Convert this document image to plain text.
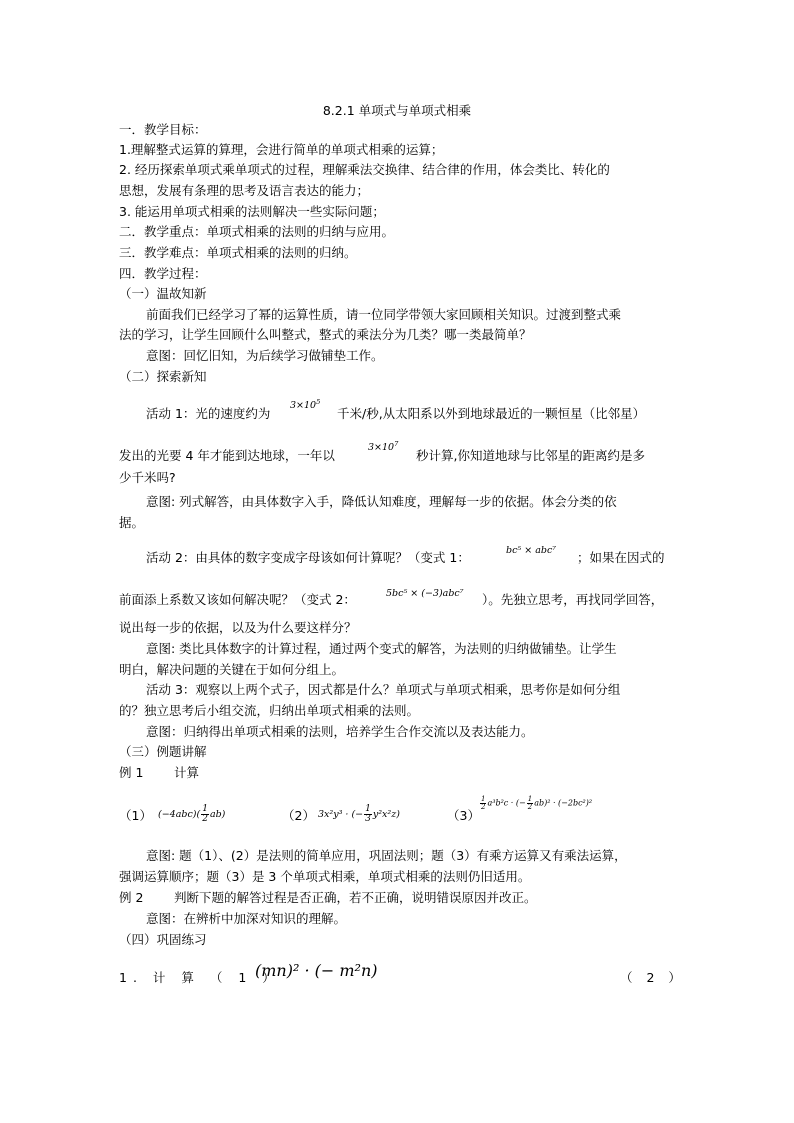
8.2.1 单项式与单项式相乘
一．教学目标：
1.理解整式运算的算理，会进行简单的单项式相乘的运算；
2. 经历探索单项式乘单项式的过程，理解乘法交换律、结合律的作用，体会类比、转化的
思想，发展有条理的思考及语言表达的能力；
3. 能运用单项式相乘的法则解决一些实际问题；
二．教学重点：单项式相乘的法则的归纳与应用。
三．教学难点：单项式相乘的法则的归纳。
四．教学过程：
（一）温故知新
前面我们已经学习了幂的运算性质，请一位同学带领大家回顾相关知识。过渡到整式乘
法的学习，让学生回顾什么叫整式，整式的乘法分为几类？哪一类最简单？
意图：回忆旧知，为后续学习做铺垫工作。
（二）探索新知
活动 1：光的速度约为
$3\times 10^5$
千米/秒,从太阳系以外到地球最近的一颗恒星（比邻星）
发出的光要 4 年才能到达地球，一年以
$3\times 10^7$
秒计算,你知道地球与比邻星的距离约是多
少千米吗?
意图: 列式解答，由具体数字入手，降低认知难度，理解每一步的依据。体会分类的依
据。
活动 2：由具体的数字变成字母该如何计算呢？（变式 1：	bc⁵ × abc⁷ ；如果在因式的
前面添上系数又该如何解决呢？（变式 2：	5bc⁵ × (−3)abc⁷ ）。先独立思考，再找同学回答，
说出每一步的依据，以及为什么要这样分？
意图: 类比具体数字的计算过程，通过两个变式的解答，为法则的归纳做铺垫。让学生
明白，解决问题的关键在于如何分组上。
活动 3：观察以上两个式子，因式都是什么？单项式与单项式相乘，思考你是如何分组
的？独立思考后小组交流，归纳出单项式相乘的法则。
意图：归纳得出单项式相乘的法则，培养学生合作交流以及表达能力。
（三）例题讲解
例 1 计算
（1） $(-4abc)( \frac{1}{2} ab)$	（2） 3x²y³ · (− $\frac{1}{3} y^2x^2z$)	（3）
$\frac{1}{2} a^3b^2c$ · (− $\frac{1}{2} ab)^2 \cdot (-2bc^2)^2$
意图: 题（1）、(2）是法则的简单应用，巩固法则；题（3）有乘方运算又有乘法运算，
强调运算顺序；题（3）是 3 个单项式相乘，单项式相乘的法则仍旧适用。
例 2 判断下题的解答过程是否正确，若不正确，说明错误原因并改正。
意图：在辨析中加深对知识的理解。
（四）巩固练习
1. 计 算 （ 1 ）
(mn)² · (− m²n)	（ 2 ）
